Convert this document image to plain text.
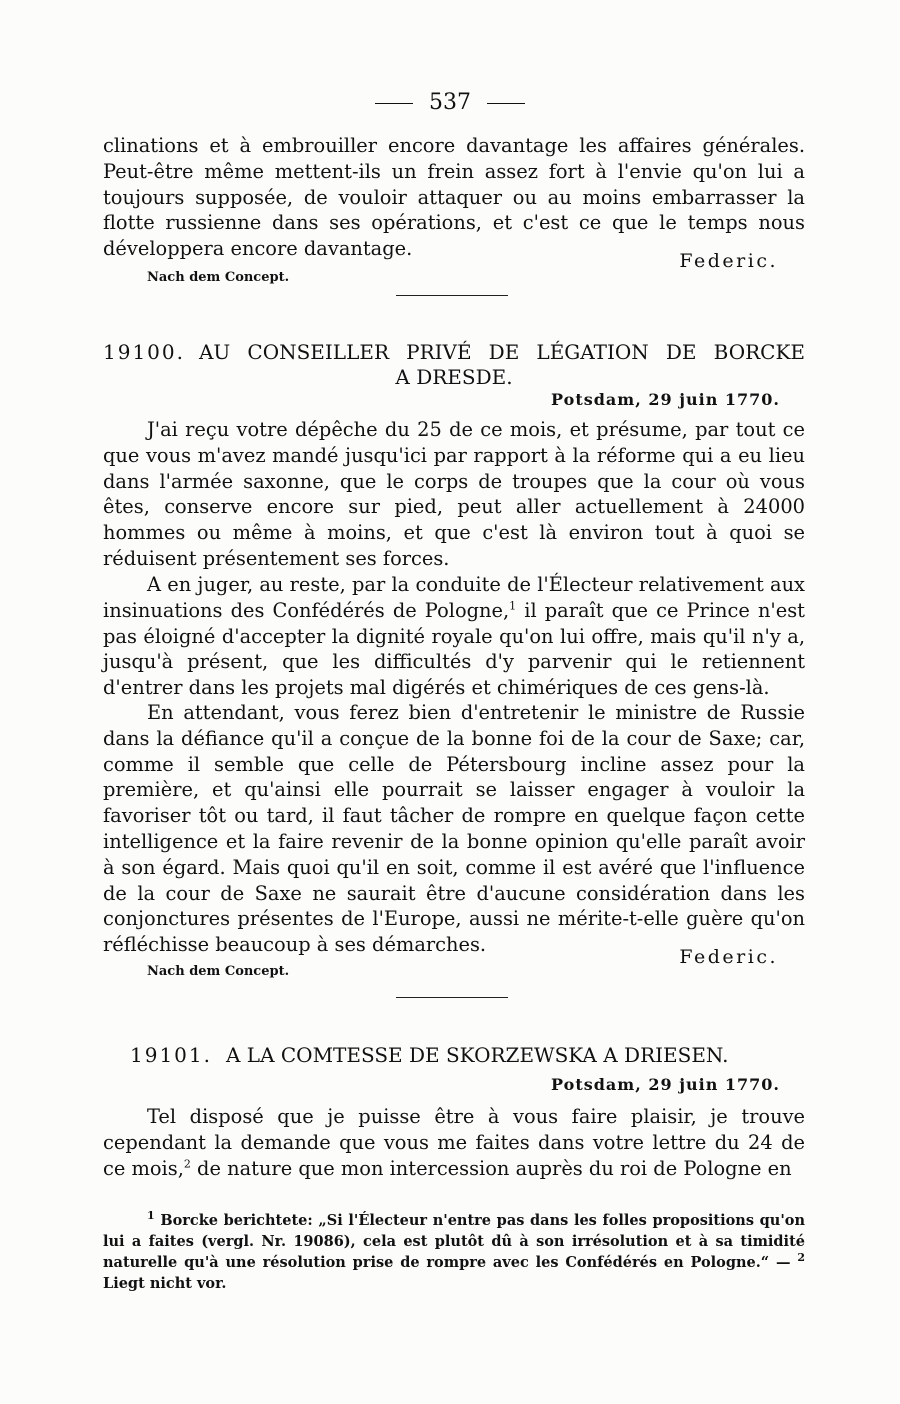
537

clinations et à embrouiller encore davantage les affaires générales. Peut-être même mettent-ils un frein assez fort à l'envie qu'on lui a toujours supposée, de vouloir attaquer ou au moins embarrasser la flotte russienne dans ses opérations, et c'est ce que le temps nous développera encore davantage.

Federic.
Nach dem Concept.
19100. AU CONSEILLER PRIVÉ DE LÉGATION DE BORCKE
A DRESDE.
Potsdam, 29 juin 1770.

J'ai reçu votre dépêche du 25 de ce mois, et présume, par tout ce que vous m'avez mandé jusqu'ici par rapport à la réforme qui a eu lieu dans l'armée saxonne, que le corps de troupes que la cour où vous êtes, conserve encore sur pied, peut aller actuellement à 24000 hommes ou même à moins, et que c'est là environ tout à quoi se réduisent présentement ses forces.

A en juger, au reste, par la conduite de l'Électeur relativement aux insinuations des Confédérés de Pologne,$^1$ il paraît que ce Prince n'est pas éloigné d'accepter la dignité royale qu'on lui offre, mais qu'il n'y a, jusqu'à présent, que les difficultés d'y parvenir qui le retiennent d'entrer dans les projets mal digérés et chimériques de ces gens-là.

En attendant, vous ferez bien d'entretenir le ministre de Russie dans la défiance qu'il a conçue de la bonne foi de la cour de Saxe; car, comme il semble que celle de Pétersbourg incline assez pour la première, et qu'ainsi elle pourrait se laisser engager à vouloir la favoriser tôt ou tard, il faut tâcher de rompre en quelque façon cette intelligence et la faire revenir de la bonne opinion qu'elle paraît avoir à son égard. Mais quoi qu'il en soit, comme il est avéré que l'influence de la cour de Saxe ne saurait être d'aucune considération dans les conjonctures présentes de l'Europe, aussi ne mérite-t-elle guère qu'on réfléchisse beaucoup à ses démarches.

Federic.
Nach dem Concept.
19101. A LA COMTESSE DE SKORZEWSKA A DRIESEN.
Potsdam, 29 juin 1770.

Tel disposé que je puisse être à vous faire plaisir, je trouve cependant la demande que vous me faites dans votre lettre du 24 de ce mois,$^2$ de nature que mon intercession auprès du roi de Pologne en

$^1$ Borcke berichtete: „Si l'Électeur n'entre pas dans les folles propositions qu'on lui a faites (vergl. Nr. 19086), cela est plutôt dû à son irrésolution et à sa timidité naturelle qu'à une résolution prise de rompre avec les Confédérés en Pologne.“ — $^2$ Liegt nicht vor.
